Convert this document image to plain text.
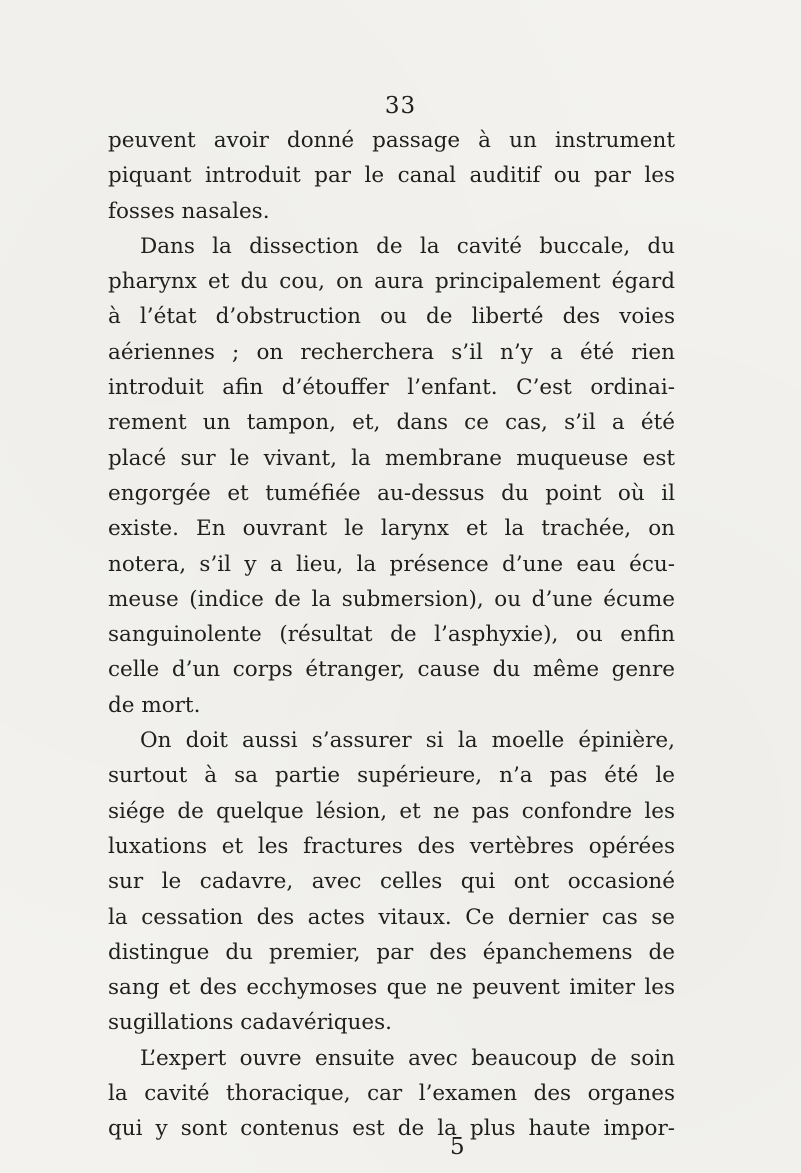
33
peuvent avoir donné passage à un instrument
piquant introduit par le canal auditif ou par les
fosses nasales.
Dans la dissection de la cavité buccale, du
pharynx et du cou, on aura principalement égard
à l’état d’obstruction ou de liberté des voies
aériennes ; on recherchera s’il n’y a été rien
introduit afin d’étouffer l’enfant. C’est ordinai-
rement un tampon, et, dans ce cas, s’il a été
placé sur le vivant, la membrane muqueuse est
engorgée et tuméfiée au-dessus du point où il
existe. En ouvrant le larynx et la trachée, on
notera, s’il y a lieu, la présence d’une eau écu-
meuse (indice de la submersion), ou d’une écume
sanguinolente (résultat de l’asphyxie), ou enfin
celle d’un corps étranger, cause du même genre
de mort.
On doit aussi s’assurer si la moelle épinière,
surtout à sa partie supérieure, n’a pas été le
siége de quelque lésion, et ne pas confondre les
luxations et les fractures des vertèbres opérées
sur le cadavre, avec celles qui ont occasioné
la cessation des actes vitaux. Ce dernier cas se
distingue du premier, par des épanchemens de
sang et des ecchymoses que ne peuvent imiter les
sugillations cadavériques.
L’expert ouvre ensuite avec beaucoup de soin
la cavité thoracique, car l’examen des organes
qui y sont contenus est de la plus haute impor-
5
